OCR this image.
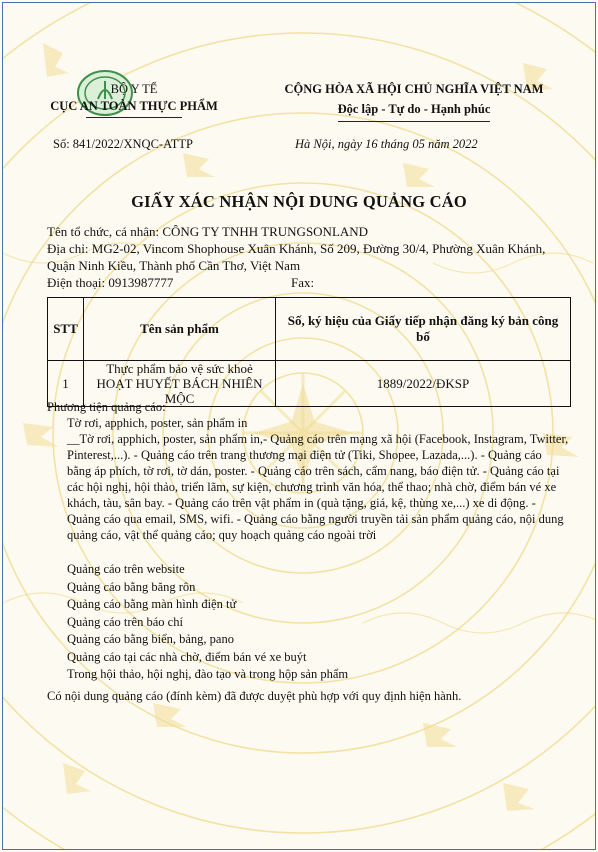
BỘ Y TẾ
CỤC AN TOÀN THỰC PHẨM
CỘNG HÒA XÃ HỘI CHỦ NGHĨA VIỆT NAM
Độc lập - Tự do - Hạnh phúc
Số: 841/2022/XNQC-ATTP	Hà Nội, ngày 16 tháng 05 năm 2022
GIẤY XÁC NHẬN NỘI DUNG QUẢNG CÁO
Tên tổ chức, cá nhân: CÔNG TY TNHH TRUNGSONLAND
Địa chỉ: MG2-02, Vincom Shophouse Xuân Khánh, Số 209, Đường 30/4, Phường Xuân Khánh, Quận Ninh Kiều, Thành phố Cần Thơ, Việt Nam
Điện thoại: 0913987777	Fax:
STT	Tên sản phẩm	Số, ký hiệu của Giấy tiếp nhận đăng ký bản công bố
1	Thực phẩm bảo vệ sức khoẻ HOẠT HUYẾT BÁCH NHIÊN MỘC	1889/2022/ĐKSP
Phương tiện quảng cáo:
Tờ rơi, apphich, poster, sản phẩm in
__Tờ rơi, apphich, poster, sản phẩm in,- Quảng cáo trên mạng xã hội (Facebook, Instagram, Twitter, Pinterest,...). - Quảng cáo trên trang thương mại điện tử (Tiki, Shopee, Lazada,...). - Quảng cáo bằng áp phích, tờ rơi, tờ dán, poster. - Quảng cáo trên sách, cẩm nang, báo điện tử. - Quảng cáo tại các hội nghị, hội thảo, triển lãm, sự kiện, chương trình văn hóa, thể thao; nhà chờ, điểm bán vé xe khách, tàu, sân bay. - Quảng cáo trên vật phẩm in (quà tặng, giá, kệ, thùng xe,...) xe di động. - Quảng cáo qua email, SMS, wifi. - Quảng cáo bằng người truyền tải sản phẩm quảng cáo, nội dung quảng cáo, vật thể quảng cáo; quy hoạch quảng cáo ngoài trời
Quảng cáo trên website
Quảng cáo bằng băng rôn
Quảng cáo bằng màn hình điện tử
Quảng cáo trên báo chí
Quảng cáo bằng biển, bảng, pano
Quảng cáo tại các nhà chờ, điểm bán vé xe buýt
Trong hội thảo, hội nghị, đào tạo và trong hộp sản phẩm
Có nội dung quảng cáo (đính kèm) đã được duyệt phù hợp với quy định hiện hành.
